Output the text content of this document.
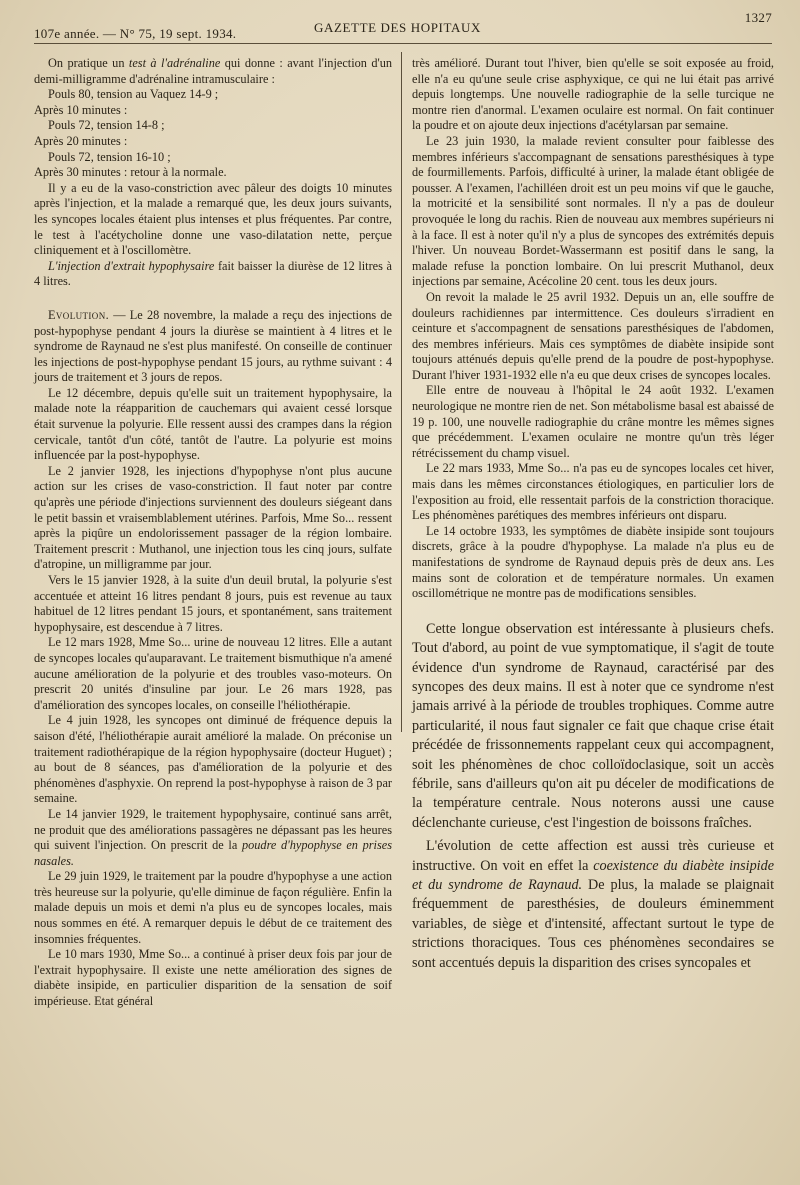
107e année. — N° 75, 19 sept. 1934.	GAZETTE DES HOPITAUX
1327

On pratique un test à l'adrénaline qui donne : avant l'injection d'un demi-milligramme d'adrénaline intramusculaire :

Pouls 80, tension au Vaquez 14-9 ;

Après 10 minutes :

Pouls 72, tension 14-8 ;

Après 20 minutes :

Pouls 72, tension 16-10 ;

Après 30 minutes : retour à la normale.

Il y a eu de la vaso-constriction avec pâleur des doigts 10 minutes après l'injection, et la malade a remarqué que, les deux jours suivants, les syncopes locales étaient plus intenses et plus fréquentes. Par contre, le test à l'acétycholine donne une vaso-dilatation nette, perçue cliniquement et à l'oscillomètre.

L'injection d'extrait hypophysaire fait baisser la diurèse de 12 litres à 4 litres.

Evolution. — Le 28 novembre, la malade a reçu des injections de post-hypophyse pendant 4 jours la diurèse se maintient à 4 litres et le syndrome de Raynaud ne s'est plus manifesté. On conseille de continuer les injections de post-hypophyse pendant 15 jours, au rythme suivant : 4 jours de traitement et 3 jours de repos.

Le 12 décembre, depuis qu'elle suit un traitement hypophysaire, la malade note la réapparition de cauchemars qui avaient cessé lorsque était survenue la polyurie. Elle ressent aussi des crampes dans la région cervicale, tantôt d'un côté, tantôt de l'autre. La polyurie est moins influencée par la post-hypophyse.

Le 2 janvier 1928, les injections d'hypophyse n'ont plus aucune action sur les crises de vaso-constriction. Il faut noter par contre qu'après une période d'injections surviennent des douleurs siégeant dans le petit bassin et vraisemblablement utérines. Parfois, Mme So... ressent après la piqûre un endolorissement passager de la région lombaire. Traitement prescrit : Muthanol, une injection tous les cinq jours, sulfate d'atropine, un milligramme par jour.

Vers le 15 janvier 1928, à la suite d'un deuil brutal, la polyurie s'est accentuée et atteint 16 litres pendant 8 jours, puis est revenue au taux habituel de 12 litres pendant 15 jours, et spontanément, sans traitement hypophysaire, est descendue à 7 litres.

Le 12 mars 1928, Mme So... urine de nouveau 12 litres. Elle a autant de syncopes locales qu'auparavant. Le traitement bismuthique n'a amené aucune amélioration de la polyurie et des troubles vaso-moteurs. On prescrit 20 unités d'insuline par jour. Le 26 mars 1928, pas d'amélioration des syncopes locales, on conseille l'héliothérapie.

Le 4 juin 1928, les syncopes ont diminué de fréquence depuis la saison d'été, l'héliothérapie aurait amélioré la malade. On préconise un traitement radiothérapique de la région hypophysaire (docteur Huguet) ; au bout de 8 séances, pas d'amélioration de la polyurie et des phénomènes d'asphyxie. On reprend la post-hypophyse à raison de 3 par semaine.

Le 14 janvier 1929, le traitement hypophysaire, continué sans arrêt, ne produit que des améliorations passagères ne dépassant pas les heures qui suivent l'injection. On prescrit de la poudre d'hypophyse en prises nasales.

Le 29 juin 1929, le traitement par la poudre d'hypophyse a une action très heureuse sur la polyurie, qu'elle diminue de façon régulière. Enfin la malade depuis un mois et demi n'a plus eu de syncopes locales, mais nous sommes en été. A remarquer depuis le début de ce traitement des insomnies fréquentes.

Le 10 mars 1930, Mme So... a continué à priser deux fois par jour de l'extrait hypophysaire. Il existe une nette amélioration des signes de diabète insipide, en particulier disparition de la sensation de soif impérieuse. Etat général

très amélioré. Durant tout l'hiver, bien qu'elle se soit exposée au froid, elle n'a eu qu'une seule crise asphyxique, ce qui ne lui était pas arrivé depuis longtemps. Une nouvelle radiographie de la selle turcique ne montre rien d'anormal. L'examen oculaire est normal. On fait continuer la poudre et on ajoute deux injections d'acétylarsan par semaine.

Le 23 juin 1930, la malade revient consulter pour faiblesse des membres inférieurs s'accompagnant de sensations paresthésiques à type de fourmillements. Parfois, difficulté à uriner, la malade étant obligée de pousser. A l'examen, l'achilléen droit est un peu moins vif que le gauche, la motricité et la sensibilité sont normales. Il n'y a pas de douleur provoquée le long du rachis. Rien de nouveau aux membres supérieurs ni à la face. Il est à noter qu'il n'y a plus de syncopes des extrémités depuis l'hiver. Un nouveau Bordet-Wassermann est positif dans le sang, la malade refuse la ponction lombaire. On lui prescrit Muthanol, deux injections par semaine, Acécoline 20 cent. tous les deux jours.

On revoit la malade le 25 avril 1932. Depuis un an, elle souffre de douleurs rachidiennes par intermittence. Ces douleurs s'irradient en ceinture et s'accompagnent de sensations paresthésiques de l'abdomen, des membres inférieurs. Mais ces symptômes de diabète insipide sont toujours atténués depuis qu'elle prend de la poudre de post-hypophyse. Durant l'hiver 1931-1932 elle n'a eu que deux crises de syncopes locales.

Elle entre de nouveau à l'hôpital le 24 août 1932. L'examen neurologique ne montre rien de net. Son métabolisme basal est abaissé de 19 p. 100, une nouvelle radiographie du crâne montre les mêmes signes que précédemment. L'examen oculaire ne montre qu'un très léger rétrécissement du champ visuel.

Le 22 mars 1933, Mme So... n'a pas eu de syncopes locales cet hiver, mais dans les mêmes circonstances étiologiques, en particulier lors de l'exposition au froid, elle ressentait parfois de la constriction thoracique. Les phénomènes parétiques des membres inférieurs ont disparu.

Le 14 octobre 1933, les symptômes de diabète insipide sont toujours discrets, grâce à la poudre d'hypophyse. La malade n'a plus eu de manifestations de syndrome de Raynaud depuis près de deux ans. Les mains sont de coloration et de température normales. Un examen oscillométrique ne montre pas de modifications sensibles.

Cette longue observation est intéressante à plusieurs chefs. Tout d'abord, au point de vue symptomatique, il s'agit de toute évidence d'un syndrome de Raynaud, caractérisé par des syncopes des deux mains. Il est à noter que ce syndrome n'est jamais arrivé à la période de troubles trophiques. Comme autre particularité, il nous faut signaler ce fait que chaque crise était précédée de frissonnements rappelant ceux qui accompagnent, soit les phénomènes de choc colloïdoclasique, soit un accès fébrile, sans d'ailleurs qu'on ait pu déceler de modifications de la température centrale. Nous noterons aussi une cause déclenchante curieuse, c'est l'ingestion de boissons fraîches.

L'évolution de cette affection est aussi très curieuse et instructive. On voit en effet la coexistence du diabète insipide et du syndrome de Raynaud. De plus, la malade se plaignait fréquemment de paresthésies, de douleurs éminemment variables, de siège et d'intensité, affectant surtout le type de strictions thoraciques. Tous ces phénomènes secondaires se sont accentués depuis la disparition des crises syncopales et
